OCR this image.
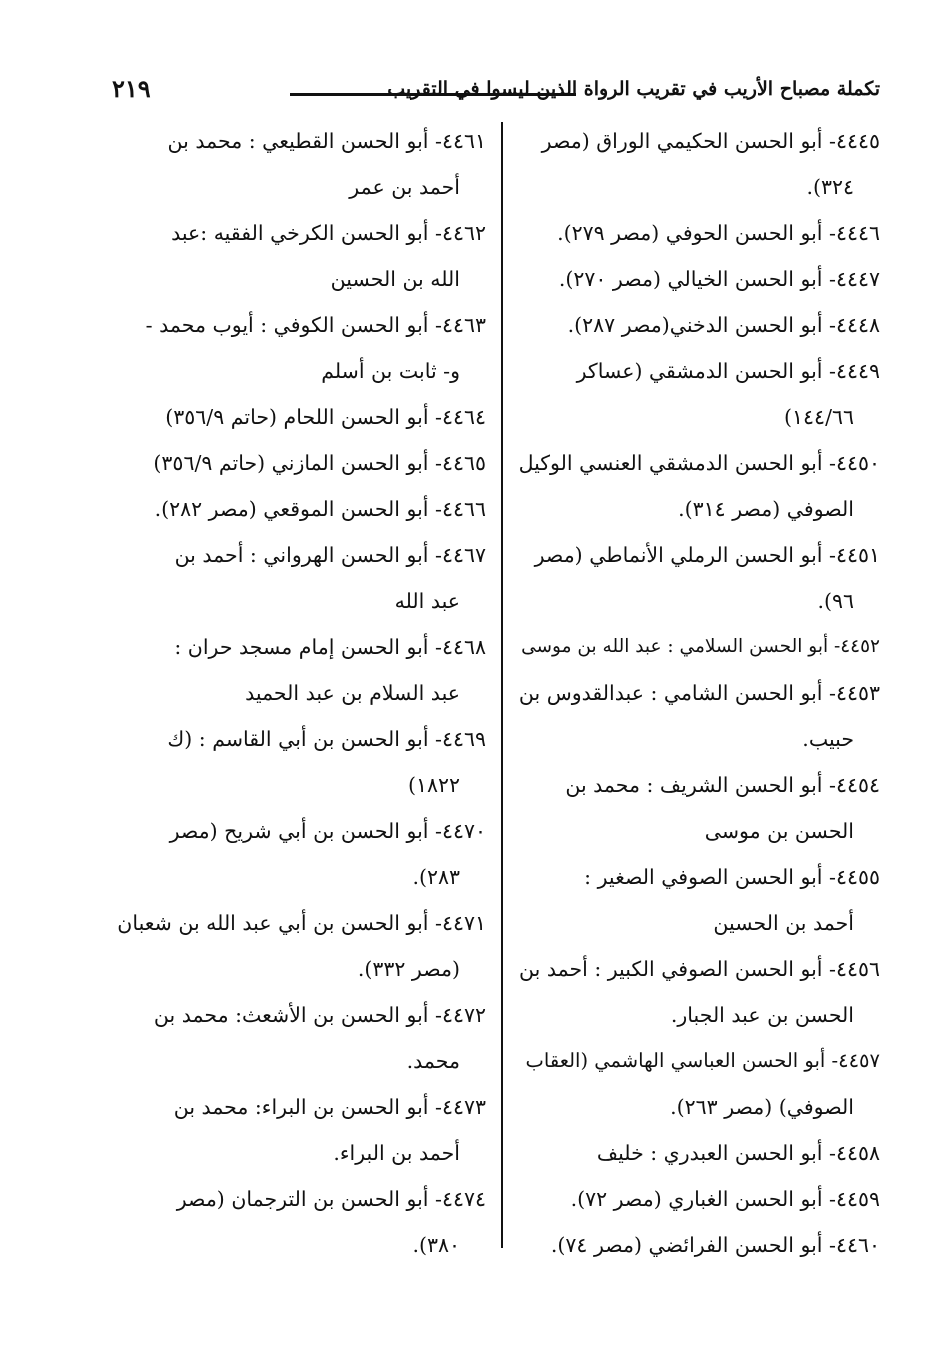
٢١٩	تكملة مصباح الأريب في تقريب الرواة الذين ليسوا في التقريب
٤٤٤٥- أبو الحسن الحكيمي الوراق (مصر
٣٢٤).
٤٤٤٦- أبو الحسن الحوفي (مصر ٢٧٩).
٤٤٤٧- أبو الحسن الخيالي (مصر ٢٧٠).
٤٤٤٨- أبو الحسن الدخني(مصر ٢٨٧).
٤٤٤٩- أبو الحسن الدمشقي (عساكر
١٤٤/٦٦)
٤٤٥٠- أبو الحسن الدمشقي العنسي الوكيل
الصوفي (مصر ٣١٤).
٤٤٥١- أبو الحسن الرملي الأنماطي (مصر
٩٦).
٤٤٥٢- أبو الحسن السلامي : عبد الله بن موسى
٤٤٥٣- أبو الحسن الشامي : عبدالقدوس بن
حبيب.
٤٤٥٤- أبو الحسن الشريف : محمد بن
الحسن بن موسى
٤٤٥٥- أبو الحسن الصوفي الصغير :
أحمد بن الحسين
٤٤٥٦- أبو الحسن الصوفي الكبير : أحمد بن
الحسن بن عبد الجبار.
٤٤٥٧- أبو الحسن العباسي الهاشمي (العقاب
الصوفي) (مصر ٢٦٣).
٤٤٥٨- أبو الحسن العبدري : خليف
٤٤٥٩- أبو الحسن الغباري (مصر ٧٢).
٤٤٦٠- أبو الحسن الفرائضي (مصر ٧٤).
٤٤٦١- أبو الحسن القطيعي : محمد بن
أحمد بن عمر
٤٤٦٢- أبو الحسن الكرخي الفقيه :عبد
الله بن الحسين
٤٤٦٣- أبو الحسن الكوفي : أيوب محمد -
و- ثابت بن أسلم
٤٤٦٤- أبو الحسن اللحام (حاتم ٣٥٦/٩)
٤٤٦٥- أبو الحسن المازني (حاتم ٣٥٦/٩)
٤٤٦٦- أبو الحسن الموقعي (مصر ٢٨٢).
٤٤٦٧- أبو الحسن الهرواني : أحمد بن
عبد الله
٤٤٦٨- أبو الحسن إمام مسجد حران :
عبد السلام بن عبد الحميد
٤٤٦٩- أبو الحسن بن أبي القاسم : (ك
١٨٢٢)
٤٤٧٠- أبو الحسن بن أبي شريح (مصر
٢٨٣).
٤٤٧١- أبو الحسن بن أبي عبد الله بن شعبان
(مصر ٣٣٢).
٤٤٧٢- أبو الحسن بن الأشعث: محمد بن
محمد.
٤٤٧٣- أبو الحسن بن البراء: محمد بن
أحمد بن البراء.
٤٤٧٤- أبو الحسن بن الترجمان (مصر
٣٨٠).
